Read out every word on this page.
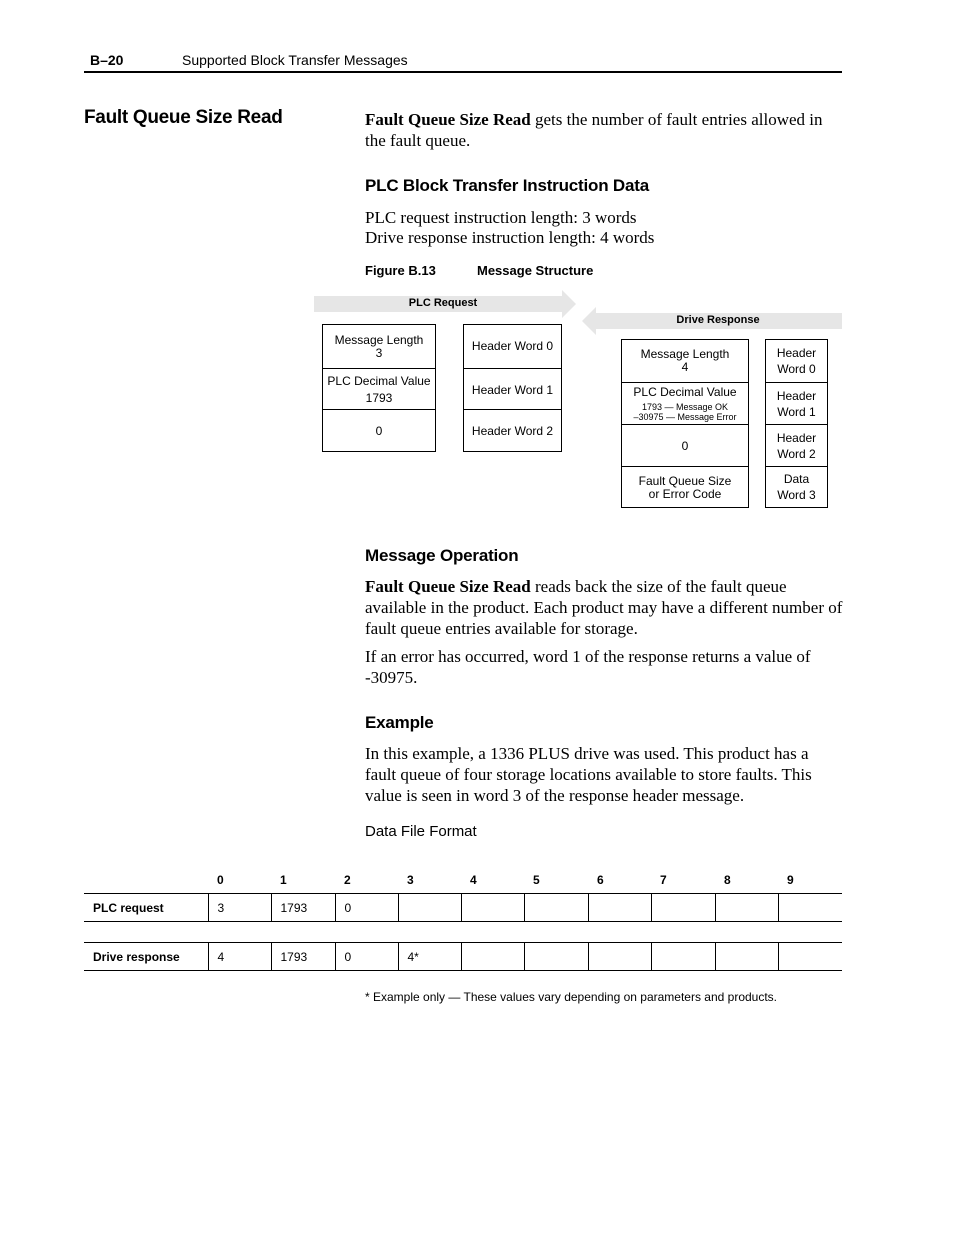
B–20	Supported Block Transfer Messages
Fault Queue Size Read	Fault Queue Size Read gets the number of fault entries allowed in the fault queue.
PLC Block Transfer Instruction Data
PLC request instruction length: 3 words
Drive response instruction length: 4 words
Figure B.13	Message Structure
PLC Request
Drive Response
Message Length
3
PLC Decimal Value
1793
0
Header Word 0
Header Word 1
Header Word 2
Message Length
4
PLC Decimal Value
1793 — Message OK
–30975 — Message Error
0
Fault Queue Size
or Error Code
Header
Word 0
Header
Word 1
Header
Word 2
Data
Word 3
Message Operation
Fault Queue Size Read reads back the size of the fault queue available in the product. Each product may have a different number of fault queue entries available for storage.
If an error has occurred, word 1 of the response returns a value of -30975.
Example
In this example, a 1336 PLUS drive was used. This product has a fault queue of four storage locations available to store faults. This value is seen in word 3 of the response header message.
Data File Format
	0	1	2	3	4	5	6	7	8	9
PLC request	3	1793	0							

Drive response	4	1793	0	4*						
* Example only — These values vary depending on parameters and products.
